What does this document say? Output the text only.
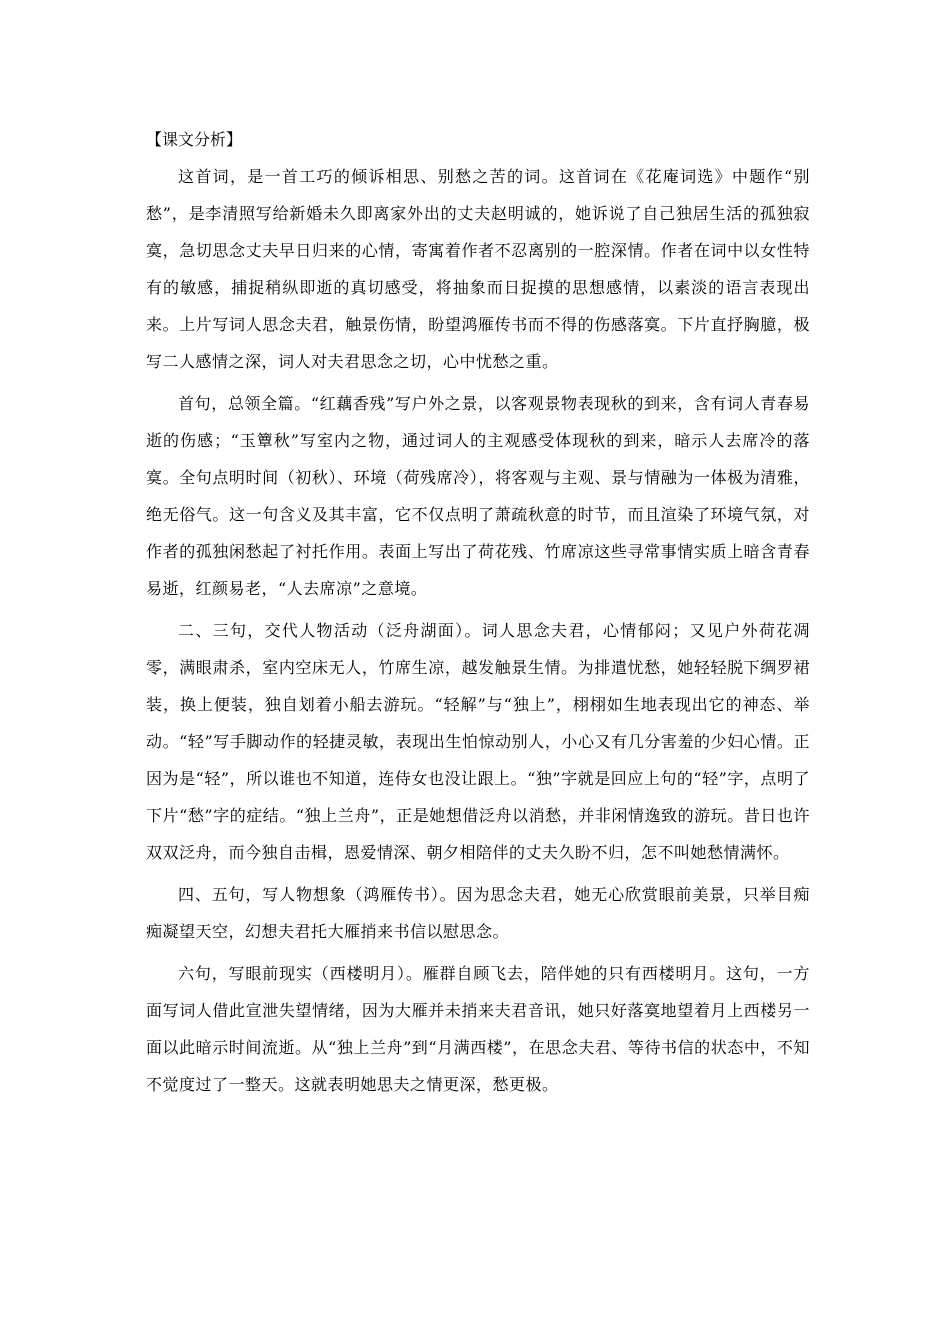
【课文分析】

这首词，是一首工巧的倾诉相思、别愁之苦的词。这首词在《花庵词选》中题作“别愁”，是李清照写给新婚未久即离家外出的丈夫赵明诚的，她诉说了自己独居生活的孤独寂寞，急切思念丈夫早日归来的心情，寄寓着作者不忍离别的一腔深情。作者在词中以女性特有的敏感，捕捉稍纵即逝的真切感受，将抽象而日捉摸的思想感情，以素淡的语言表现出来。上片写词人思念夫君，触景伤情，盼望鸿雁传书而不得的伤感落寞。下片直抒胸臆，极写二人感情之深，词人对夫君思念之切，心中忧愁之重。

首句，总领全篇。“红藕香残”写户外之景，以客观景物表现秋的到来，含有词人青春易逝的伤感；“玉簟秋”写室内之物，通过词人的主观感受体现秋的到来，暗示人去席冷的落寞。全句点明时间（初秋）、环境（荷残席冷），将客观与主观、景与情融为一体极为清雅，绝无俗气。这一句含义及其丰富，它不仅点明了萧疏秋意的时节，而且渲染了环境气氛，对作者的孤独闲愁起了衬托作用。表面上写出了荷花残、竹席凉这些寻常事情实质上暗含青春易逝，红颜易老，“人去席凉”之意境。

二、三句，交代人物活动（泛舟湖面）。词人思念夫君，心情郁闷；又见户外荷花凋零，满眼肃杀，室内空床无人，竹席生凉，越发触景生情。为排遣忧愁，她轻轻脱下绸罗裙装，换上便装，独自划着小船去游玩。“轻解”与“独上”，栩栩如生地表现出它的神态、举动。“轻”写手脚动作的轻捷灵敏，表现出生怕惊动别人，小心又有几分害羞的少妇心情。正因为是“轻”，所以谁也不知道，连侍女也没让跟上。“独”字就是回应上句的“轻”字，点明了下片“愁”字的症结。“独上兰舟”，正是她想借泛舟以消愁，并非闲情逸致的游玩。昔日也许双双泛舟，而今独自击楫，恩爱情深、朝夕相陪伴的丈夫久盼不归，怎不叫她愁情满怀。

四、五句，写人物想象（鸿雁传书）。因为思念夫君，她无心欣赏眼前美景，只举目痴痴凝望天空，幻想夫君托大雁捎来书信以慰思念。

六句，写眼前现实（西楼明月）。雁群自顾飞去，陪伴她的只有西楼明月。这句，一方面写词人借此宣泄失望情绪，因为大雁并未捎来夫君音讯，她只好落寞地望着月上西楼另一面以此暗示时间流逝。从“独上兰舟”到“月满西楼”，在思念夫君、等待书信的状态中，不知不觉度过了一整天。这就表明她思夫之情更深，愁更极。
